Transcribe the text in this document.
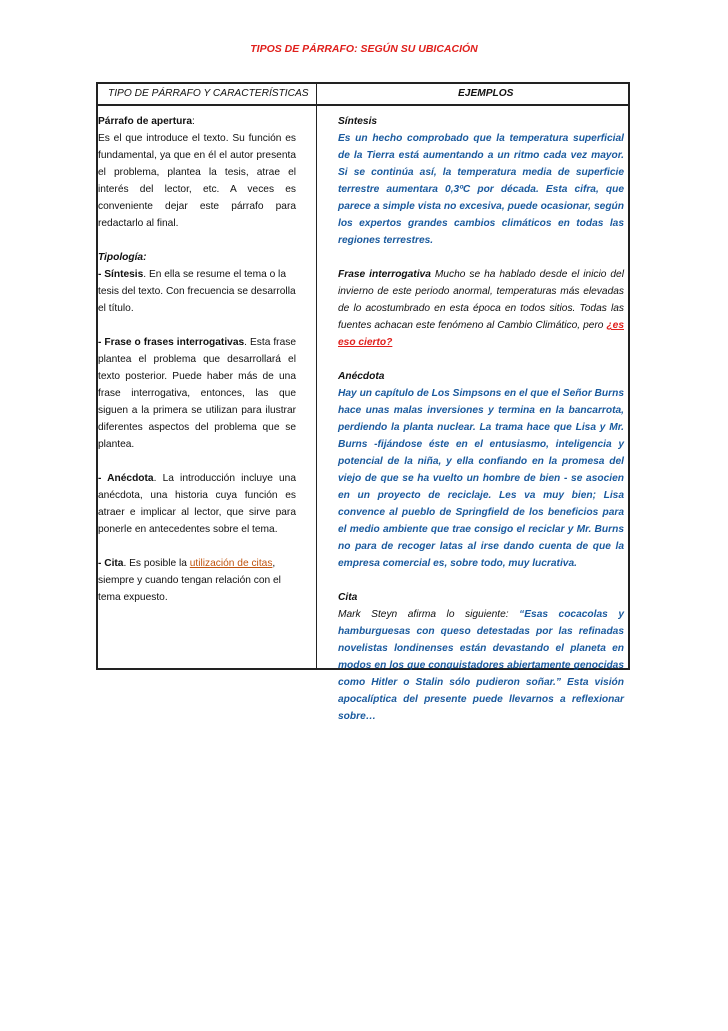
TIPOS DE PÁRRAFO: SEGÚN SU UBICACIÓN
TIPO DE PÁRRAFO Y CARACTERÍSTICAS	EJEMPLOS

Párrafo de apertura:
Es el que introduce el texto. Su función es fundamental, ya que en él el autor presenta el problema, plantea la tesis, atrae el interés del lector, etc. A veces es conveniente dejar este párrafo para redactarlo al final.

Tipología:

- Síntesis. En ella se resume el tema o la tesis del texto. Con frecuencia se desarrolla el título.

- Frase o frases interrogativas. Esta frase plantea el problema que desarrollará el texto posterior. Puede haber más de una frase interrogativa, entonces, las que siguen a la primera se utilizan para ilustrar diferentes aspectos del problema que se plantea.

- Anécdota. La introducción incluye una anécdota, una historia cuya función es atraer e implicar al lector, que sirve para ponerle en antecedentes sobre el tema.

- Cita. Es posible la utilización de citas, siempre y cuando tengan relación con el tema expuesto.

Síntesis
Es un hecho comprobado que la temperatura superficial de la Tierra está aumentando a un ritmo cada vez mayor. Si se continúa así, la temperatura media de superficie terrestre aumentara 0,3ºC por década. Esta cifra, que parece a simple vista no excesiva, puede ocasionar, según los expertos grandes cambios climáticos en todas las regiones terrestres.

Frase interrogativa Mucho se ha hablado desde el inicio del invierno de este periodo anormal, temperaturas más elevadas de lo acostumbrado en esta época en todos sitios. Todas las fuentes achacan este fenómeno al Cambio Climático, pero ¿es eso cierto?

Anécdota
Hay un capítulo de Los Simpsons en el que el Señor Burns hace unas malas inversiones y termina en la bancarrota, perdiendo la planta nuclear. La trama hace que Lisa y Mr. Burns -fijándose éste en el entusiasmo, inteligencia y potencial de la niña, y ella confiando en la promesa del viejo de que se ha vuelto un hombre de bien - se asocien en un proyecto de reciclaje. Les va muy bien; Lisa convence al pueblo de Springfield de los beneficios para el medio ambiente que trae consigo el reciclar y Mr. Burns no para de recoger latas al irse dando cuenta de que la empresa comercial es, sobre todo, muy lucrativa.

Cita
Mark Steyn afirma lo siguiente: “Esas cocacolas y hamburguesas con queso detestadas por las refinadas novelistas londinenses están devastando el planeta en modos en los que conquistadores abiertamente genocidas como Hitler o Stalin sólo pudieron soñar.” Esta visión apocalíptica del presente puede llevarnos a reflexionar sobre…
